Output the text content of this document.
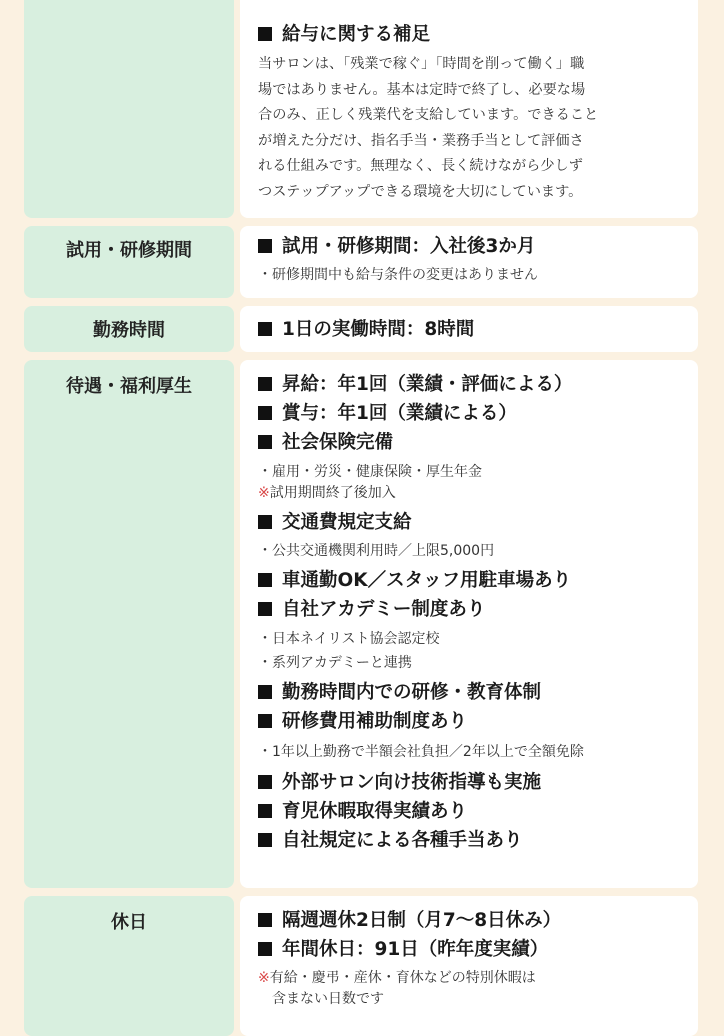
給与に関する補足
当サロンは、「残業で稼ぐ」「時間を削って働く」職
場ではありません。基本は定時で終了し、必要な場
合のみ、正しく残業代を支給しています。できること
が増えた分だけ、指名手当・業務手当として評価さ
れる仕組みです。無理なく、長く続けながら少しず
つステップアップできる環境を大切にしています。
試用・研修期間	試用・研修期間：入社後3か月
・研修期間中も給与条件の変更はありません
勤務時間	1日の実働時間：8時間
待遇・福利厚生	昇給：年1回（業績・評価による）
賞与：年1回（業績による）
社会保険完備
・雇用・労災・健康保険・厚生年金
※試用期間終了後加入
交通費規定支給
・公共交通機関利用時／上限5,000円
車通勤OK／スタッフ用駐車場あり
自社アカデミー制度あり
・日本ネイリスト協会認定校
・系列アカデミーと連携
勤務時間内での研修・教育体制
研修費用補助制度あり
・1年以上勤務で半額会社負担／2年以上で全額免除
外部サロン向け技術指導も実施
育児休暇取得実績あり
自社規定による各種手当あり
休日	隔週週休2日制（月7〜8日休み）
年間休日：91日（昨年度実績）
※有給・慶弔・産休・育休などの特別休暇は
　含まない日数です
